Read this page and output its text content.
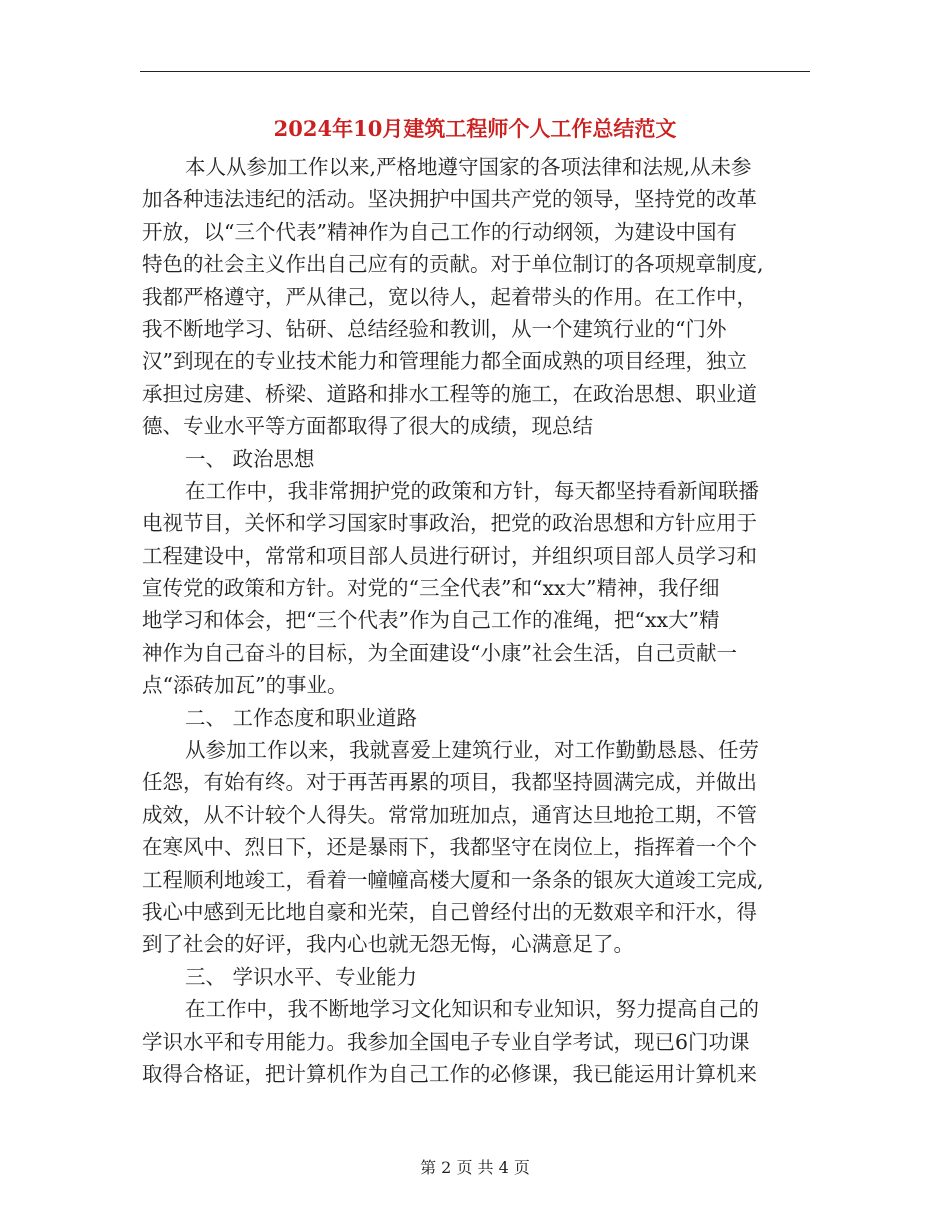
2024年10月建筑工程师个人工作总结范文
本人从参加工作以来,严格地遵守国家的各项法律和法规,从未参
加各种违法违纪的活动。坚决拥护中国共产党的领导，坚持党的改革
开放，以“三个代表”精神作为自己工作的行动纲领，为建设中国有
特色的社会主义作出自己应有的贡献。对于单位制订的各项规章制度,
我都严格遵守，严从律己，宽以待人，起着带头的作用。在工作中，
我不断地学习、钻研、总结经验和教训，从一个建筑行业的“门外
汉”到现在的专业技术能力和管理能力都全面成熟的项目经理，独立
承担过房建、桥梁、道路和排水工程等的施工，在政治思想、职业道
德、专业水平等方面都取得了很大的成绩，现总结
一、 政治思想
在工作中，我非常拥护党的政策和方针，每天都坚持看新闻联播
电视节目，关怀和学习国家时事政治，把党的政治思想和方针应用于
工程建设中，常常和项目部人员进行研讨，并组织项目部人员学习和
宣传党的政策和方针。对党的“三全代表”和“xx大”精神，我仔细
地学习和体会，把“三个代表”作为自己工作的准绳，把“xx大”精
神作为自己奋斗的目标，为全面建设“小康”社会生活，自己贡献一
点“添砖加瓦”的事业。
二、 工作态度和职业道路
从参加工作以来，我就喜爱上建筑行业，对工作勤勤恳恳、任劳
任怨，有始有终。对于再苦再累的项目，我都坚持圆满完成，并做出
成效，从不计较个人得失。常常加班加点，通宵达旦地抢工期，不管
在寒风中、烈日下，还是暴雨下，我都坚守在岗位上，指挥着一个个
工程顺利地竣工，看着一幢幢高楼大厦和一条条的银灰大道竣工完成,
我心中感到无比地自豪和光荣，自己曾经付出的无数艰辛和汗水，得
到了社会的好评，我内心也就无怨无悔，心满意足了。
三、 学识水平、专业能力
在工作中，我不断地学习文化知识和专业知识，努力提高自己的
学识水平和专用能力。我参加全国电子专业自学考试，现已6门功课
取得合格证，把计算机作为自己工作的必修课，我已能运用计算机来
第 2 页 共 4 页
